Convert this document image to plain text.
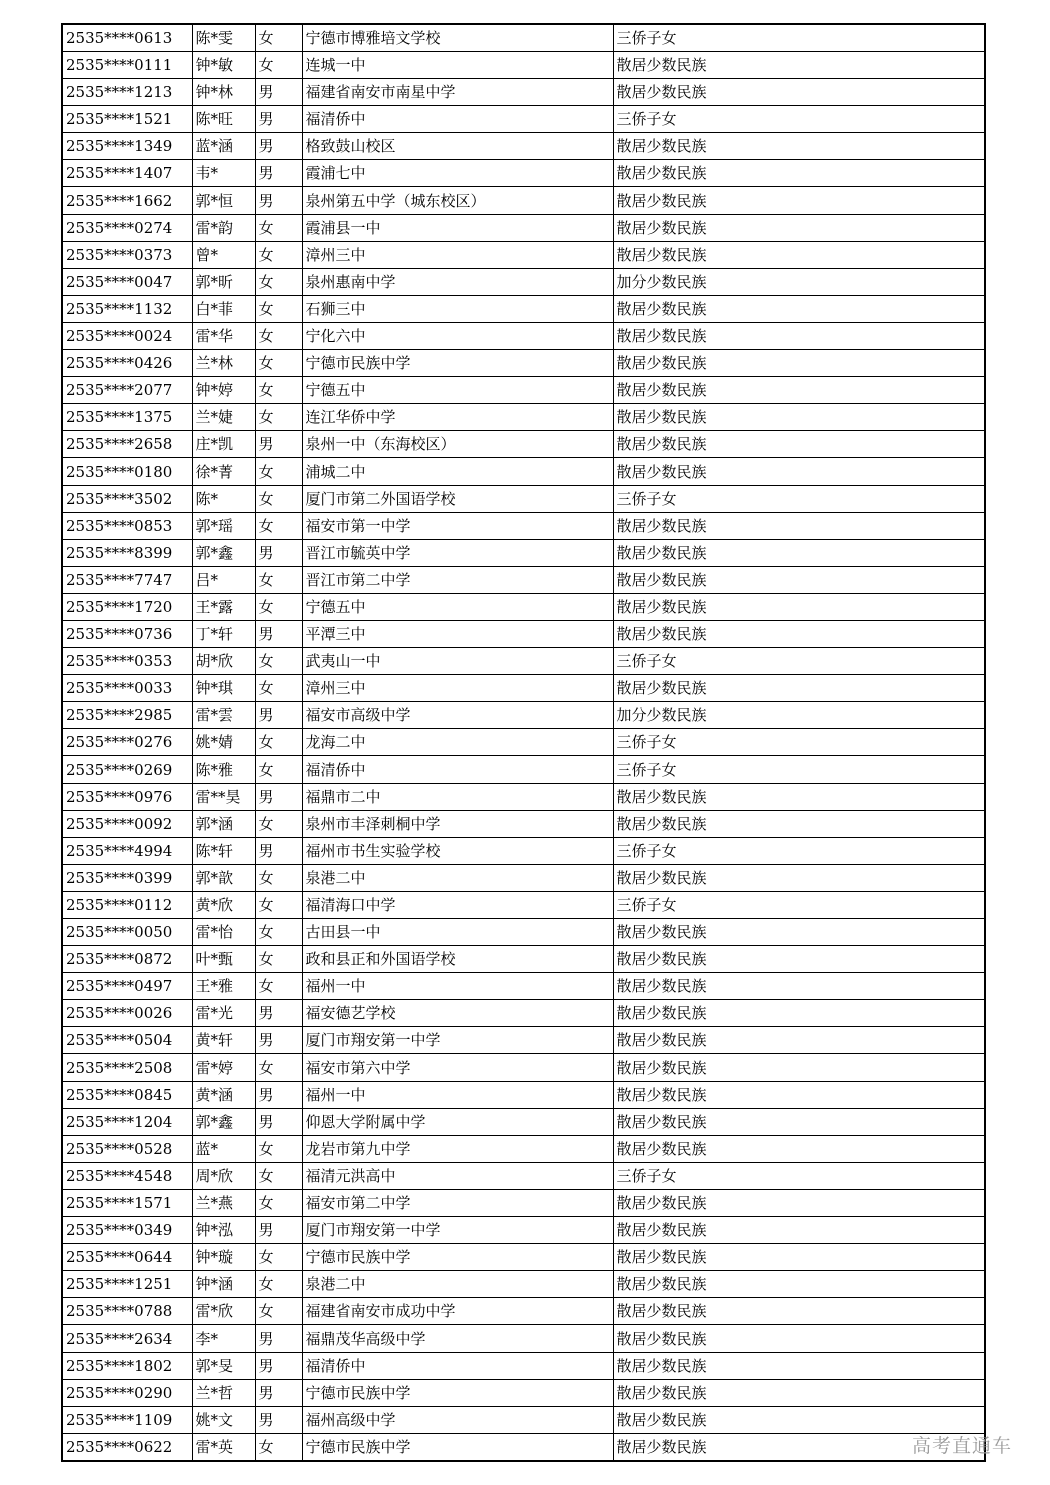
2535****0613	陈*雯	女	宁德市博雅培文学校	三侨子女
2535****0111	钟*敏	女	连城一中	散居少数民族
2535****1213	钟*林	男	福建省南安市南星中学	散居少数民族
2535****1521	陈*旺	男	福清侨中	三侨子女
2535****1349	蓝*涵	男	格致鼓山校区	散居少数民族
2535****1407	韦*	男	霞浦七中	散居少数民族
2535****1662	郭*恒	男	泉州第五中学（城东校区）	散居少数民族
2535****0274	雷*韵	女	霞浦县一中	散居少数民族
2535****0373	曾*	女	漳州三中	散居少数民族
2535****0047	郭*昕	女	泉州惠南中学	加分少数民族
2535****1132	白*菲	女	石狮三中	散居少数民族
2535****0024	雷*华	女	宁化六中	散居少数民族
2535****0426	兰*林	女	宁德市民族中学	散居少数民族
2535****2077	钟*婷	女	宁德五中	散居少数民族
2535****1375	兰*婕	女	连江华侨中学	散居少数民族
2535****2658	庄*凯	男	泉州一中（东海校区）	散居少数民族
2535****0180	徐*菁	女	浦城二中	散居少数民族
2535****3502	陈*	女	厦门市第二外国语学校	三侨子女
2535****0853	郭*瑶	女	福安市第一中学	散居少数民族
2535****8399	郭*鑫	男	晋江市毓英中学	散居少数民族
2535****7747	吕*	女	晋江市第二中学	散居少数民族
2535****1720	王*露	女	宁德五中	散居少数民族
2535****0736	丁*轩	男	平潭三中	散居少数民族
2535****0353	胡*欣	女	武夷山一中	三侨子女
2535****0033	钟*琪	女	漳州三中	散居少数民族
2535****2985	雷*雲	男	福安市高级中学	加分少数民族
2535****0276	姚*婧	女	龙海二中	三侨子女
2535****0269	陈*雅	女	福清侨中	三侨子女
2535****0976	雷**昊	男	福鼎市二中	散居少数民族
2535****0092	郭*涵	女	泉州市丰泽刺桐中学	散居少数民族
2535****4994	陈*轩	男	福州市书生实验学校	三侨子女
2535****0399	郭*歆	女	泉港二中	散居少数民族
2535****0112	黄*欣	女	福清海口中学	三侨子女
2535****0050	雷*怡	女	古田县一中	散居少数民族
2535****0872	叶*甄	女	政和县正和外国语学校	散居少数民族
2535****0497	王*雅	女	福州一中	散居少数民族
2535****0026	雷*光	男	福安德艺学校	散居少数民族
2535****0504	黄*轩	男	厦门市翔安第一中学	散居少数民族
2535****2508	雷*婷	女	福安市第六中学	散居少数民族
2535****0845	黄*涵	男	福州一中	散居少数民族
2535****1204	郭*鑫	男	仰恩大学附属中学	散居少数民族
2535****0528	蓝*	女	龙岩市第九中学	散居少数民族
2535****4548	周*欣	女	福清元洪高中	三侨子女
2535****1571	兰*燕	女	福安市第二中学	散居少数民族
2535****0349	钟*泓	男	厦门市翔安第一中学	散居少数民族
2535****0644	钟*璇	女	宁德市民族中学	散居少数民族
2535****1251	钟*涵	女	泉港二中	散居少数民族
2535****0788	雷*欣	女	福建省南安市成功中学	散居少数民族
2535****2634	李*	男	福鼎茂华高级中学	散居少数民族
2535****1802	郭*旻	男	福清侨中	散居少数民族
2535****0290	兰*哲	男	宁德市民族中学	散居少数民族
2535****1109	姚*文	男	福州高级中学	散居少数民族
2535****0622	雷*英	女	宁德市民族中学	散居少数民族	高考直通车
